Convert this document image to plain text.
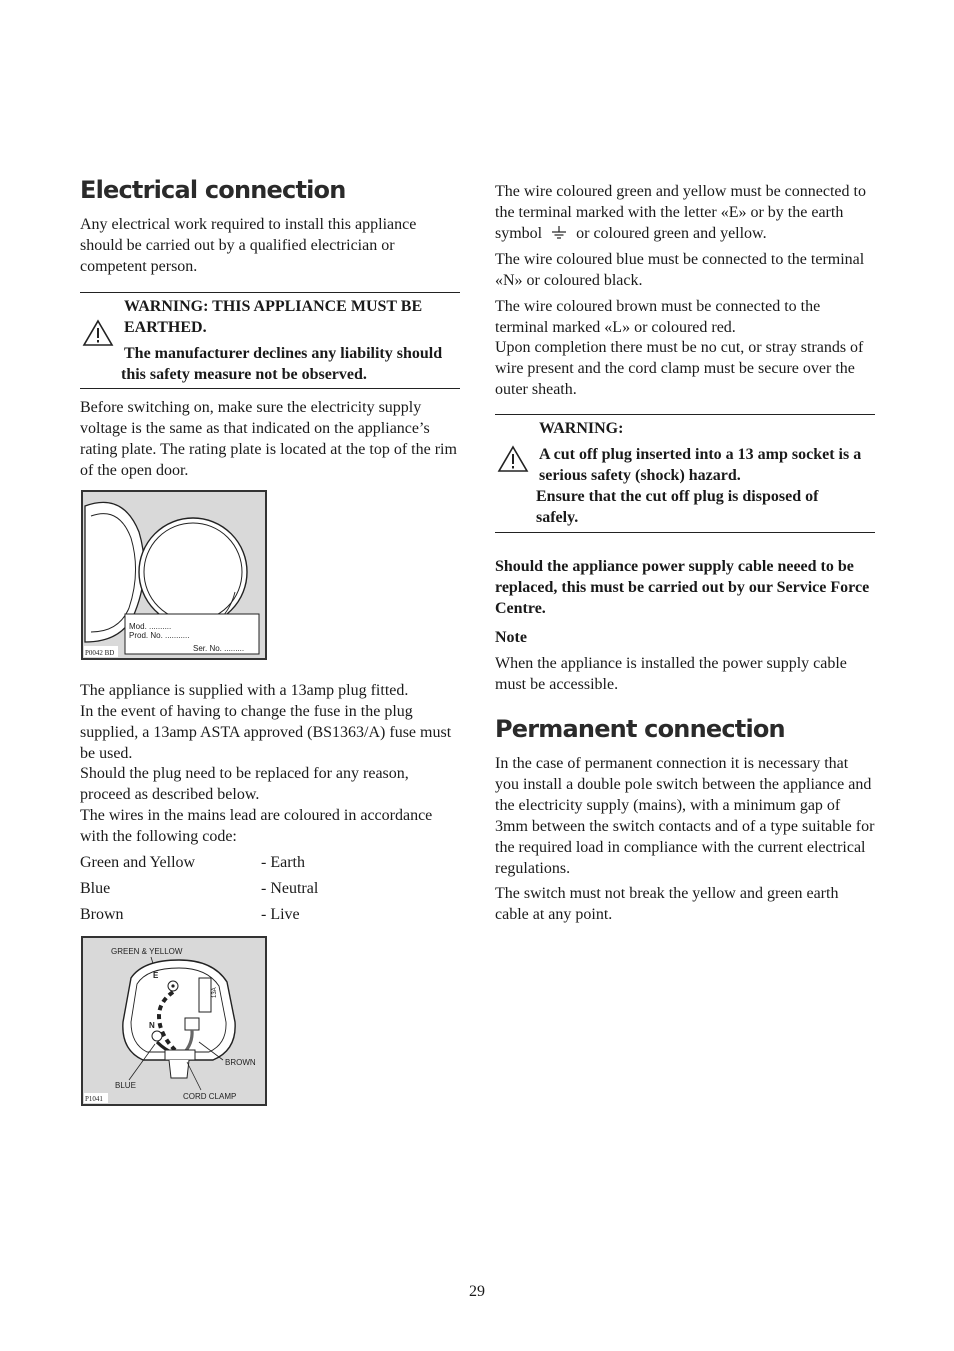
Electrical connection

Any electrical work required to install this appliance should be carried out by a qualified electrician or competent person.

WARNING: THIS APPLIANCE MUST BE

EARTHED.

The manufacturer declines any liability should this safety measure not be observed.

Before switching on, make sure the electricity supply voltage is the same as that indicated on the appliance’s rating plate. The rating plate is located at the top of the rim of the open door.

Mod. ..........
Prod. No. ...........
Ser. No. .........
P0042 BD

The appliance is supplied with a 13amp plug fitted.

In the event of having to change the fuse in the plug supplied, a 13amp ASTA approved (BS1363/A) fuse must be used.

Should the plug need to be replaced for any reason, proceed as described below.

The wires in the mains lead are coloured in accordance with the following code:

Green and Yellow	- Earth
Blue	- Neutral
Brown	- Live
GREEN & YELLOW
13A
E
N
BROWN
BLUE
CORD CLAMP
P1041

The wire coloured green and yellow must be connected to the terminal marked with the letter «E» or by the earth symbol or coloured green and yellow.

The wire coloured blue must be connected to the terminal «N» or coloured black.

The wire coloured brown must be connected to the terminal marked «L» or coloured red.

Upon completion there must be no cut, or stray strands of wire present and the cord clamp must be secure over the outer sheath.

WARNING:

A cut off plug inserted into a 13 amp socket is a serious safety (shock) hazard.

Ensure that the cut off plug is disposed of safely.

Should the appliance power supply cable neeed to be replaced, this must be carried out by our Service Force Centre.

Note

When the appliance is installed the power supply cable must be accessible.

Permanent connection

In the case of permanent connection it is necessary that you install a double pole switch between the appliance and the electricity supply (mains), with a minimum gap of 3mm between the switch contacts and of a type suitable for the required load in compliance with the current electrical regulations.

The switch must not break the yellow and green earth cable at any point.

29
